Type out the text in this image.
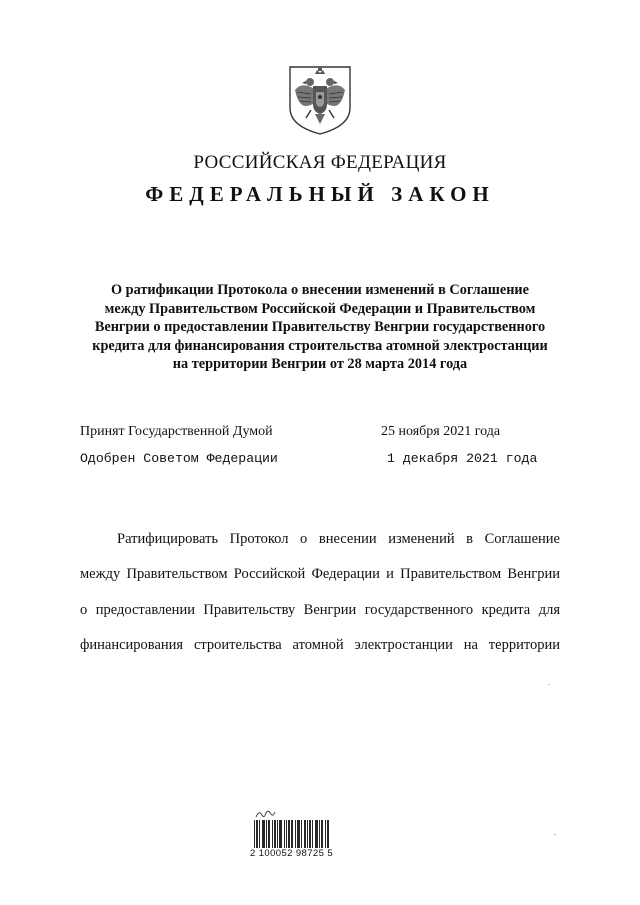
РОССИЙСКАЯ ФЕДЕРАЦИЯ
ФЕДЕРАЛЬНЫЙ ЗАКОН
О ратификации Протокола о внесении изменений в Соглашение
между Правительством Российской Федерации и Правительством
Венгрии о предоставлении Правительству Венгрии государственного
кредита для финансирования строительства атомной электростанции
на территории Венгрии от 28 марта 2014 года
Принят Государственной Думой	25 ноября 2021 года
Одобрен Советом Федерации	1 декабря 2021 года
Ратифицировать Протокол о внесении изменений в Соглашение
между Правительством Российской Федерации и Правительством Венгрии
о предоставлении Правительству Венгрии государственного кредита для
финансирования строительства атомной электростанции на территории
2 100052 98725 5
